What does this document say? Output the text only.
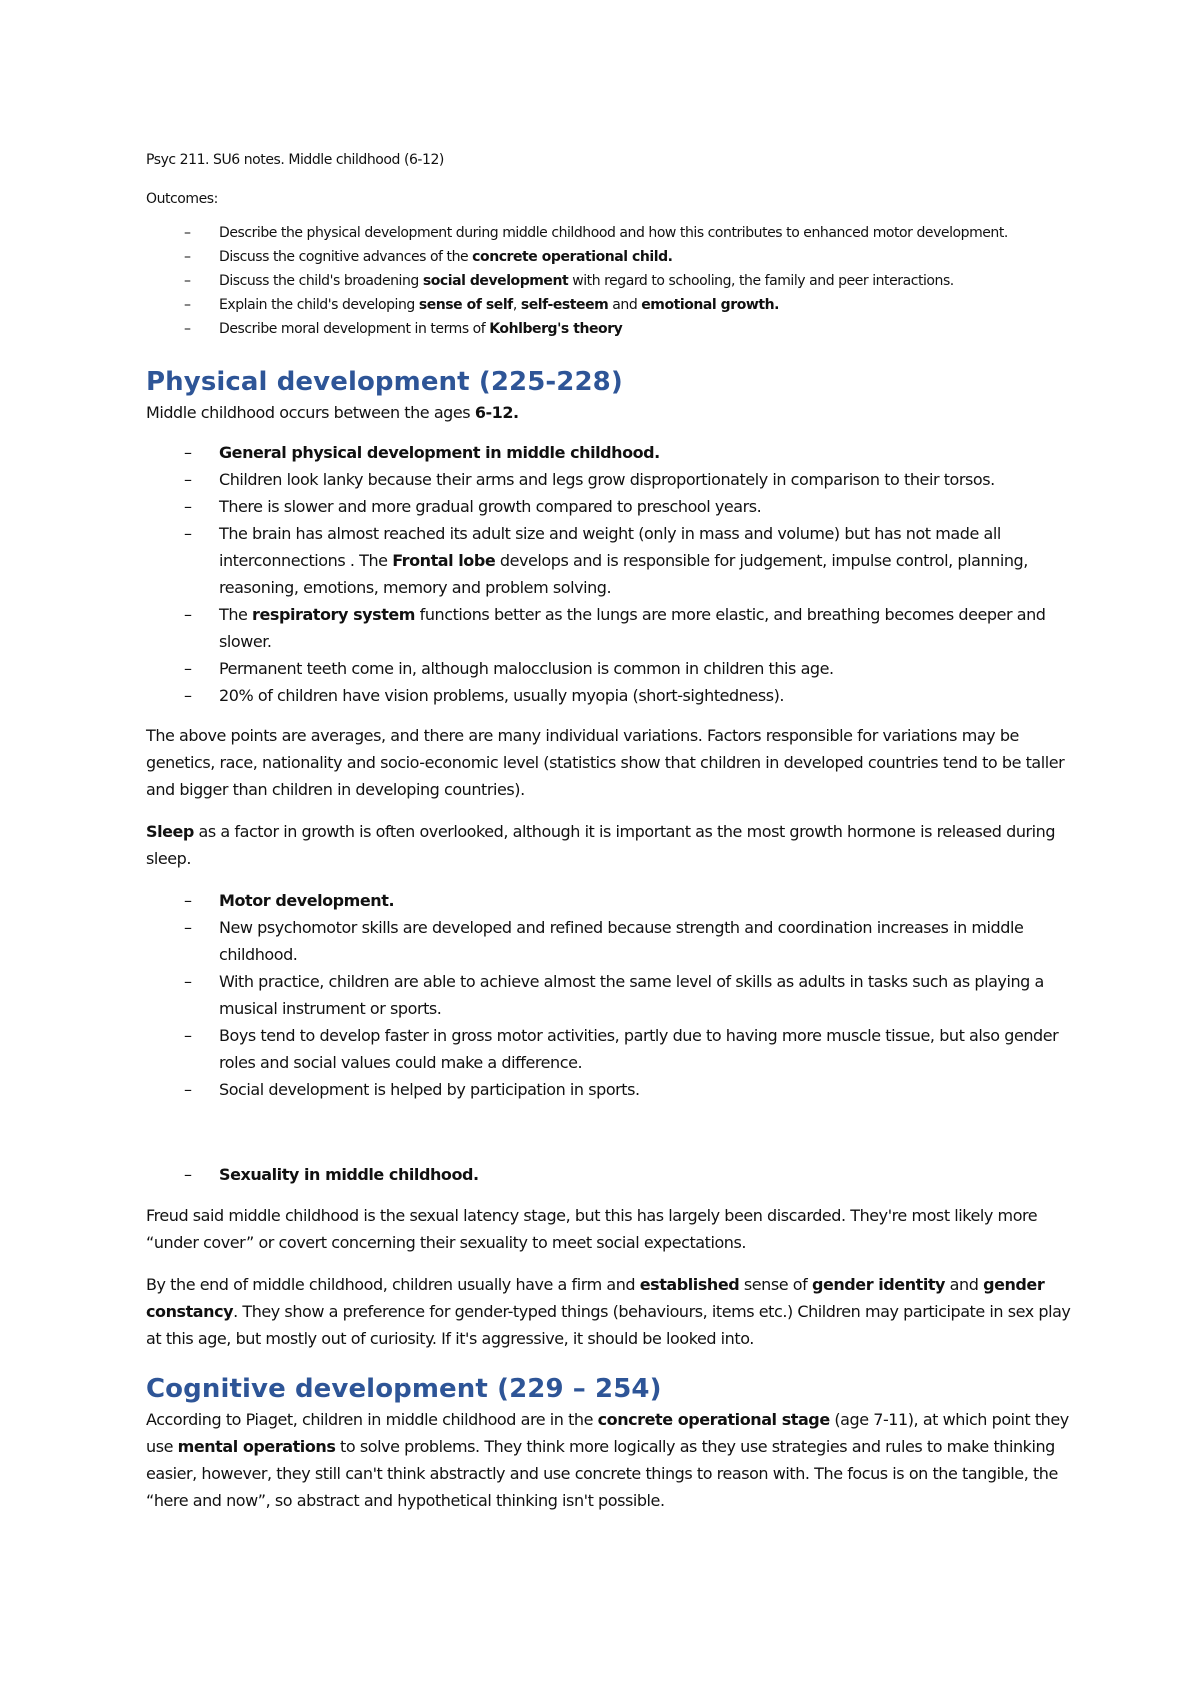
Psyc 211. SU6 notes. Middle childhood (6-12)

Outcomes:

– Describe the physical development during middle childhood and how this contributes to enhanced motor development.
– Discuss the cognitive advances of the concrete operational child.
– Discuss the child's broadening social development with regard to schooling, the family and peer interactions.
– Explain the child's developing sense of self, self-esteem and emotional growth.
– Describe moral development in terms of Kohlberg's theory
Physical development (225-228)

Middle childhood occurs between the ages 6-12.

– General physical development in middle childhood.
– Children look lanky because their arms and legs grow disproportionately in comparison to their torsos.
– There is slower and more gradual growth compared to preschool years.
– The brain has almost reached its adult size and weight (only in mass and volume) but has not made all interconnections . The Frontal lobe develops and is responsible for judgement, impulse control, planning, reasoning, emotions, memory and problem solving.
– The respiratory system functions better as the lungs are more elastic, and breathing becomes deeper and slower.
– Permanent teeth come in, although malocclusion is common in children this age.
– 20% of children have vision problems, usually myopia (short-sightedness).

The above points are averages, and there are many individual variations. Factors responsible for variations may be genetics, race, nationality and socio-economic level (statistics show that children in developed countries tend to be taller and bigger than children in developing countries).

Sleep as a factor in growth is often overlooked, although it is important as the most growth hormone is released during sleep.

– Motor development.
– New psychomotor skills are developed and refined because strength and coordination increases in middle childhood.
– With practice, children are able to achieve almost the same level of skills as adults in tasks such as playing a musical instrument or sports.
– Boys tend to develop faster in gross motor activities, partly due to having more muscle tissue, but also gender roles and social values could make a difference.
– Social development is helped by participation in sports.
– Sexuality in middle childhood.

Freud said middle childhood is the sexual latency stage, but this has largely been discarded. They're most likely more “under cover” or covert concerning their sexuality to meet social expectations.

By the end of middle childhood, children usually have a firm and established sense of gender identity and gender constancy. They show a preference for gender-typed things (behaviours, items etc.) Children may participate in sex play at this age, but mostly out of curiosity. If it's aggressive, it should be looked into.

Cognitive development (229 – 254)

According to Piaget, children in middle childhood are in the concrete operational stage (age 7-11), at which point they use mental operations to solve problems. They think more logically as they use strategies and rules to make thinking easier, however, they still can't think abstractly and use concrete things to reason with. The focus is on the tangible, the “here and now”, so abstract and hypothetical thinking isn't possible.
